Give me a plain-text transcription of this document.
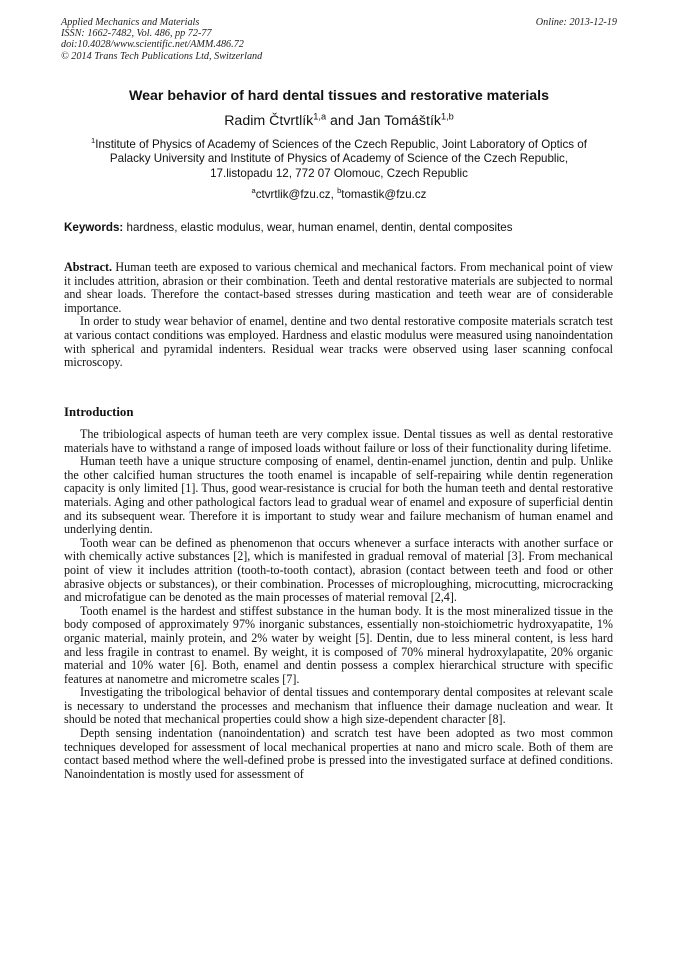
Applied Mechanics and Materials
ISSN: 1662-7482, Vol. 486, pp 72-77
doi:10.4028/www.scientific.net/AMM.486.72
© 2014 Trans Tech Publications Ltd, Switzerland
Online: 2013-12-19
Wear behavior of hard dental tissues and restorative materials
Radim Čtvrtlík$^{1,a}$ and Jan Tomáštík$^{1,b}$
$^1$Institute of Physics of Academy of Sciences of the Czech Republic, Joint Laboratory of Optics of
Palacky University and Institute of Physics of Academy of Science of the Czech Republic,
17.listopadu 12, 772 07 Olomouc, Czech Republic
$^a$ctvrtlik@fzu.cz, $^b$tomastik@fzu.cz
Keywords: hardness, elastic modulus, wear, human enamel, dentin, dental composites

Abstract. Human teeth are exposed to various chemical and mechanical factors. From mechanical point of view it includes attrition, abrasion or their combination. Teeth and dental restorative materials are subjected to normal and shear loads. Therefore the contact-based stresses during mastication and teeth wear are of considerable importance.

In order to study wear behavior of enamel, dentine and two dental restorative composite materials scratch test at various contact conditions was employed. Hardness and elastic modulus were measured using nanoindentation with spherical and pyramidal indenters. Residual wear tracks were observed using laser scanning confocal microscopy.

Introduction

The tribiological aspects of human teeth are very complex issue. Dental tissues as well as dental restorative materials have to withstand a range of imposed loads without failure or loss of their functionality during lifetime.

Human teeth have a unique structure composing of enamel, dentin-enamel junction, dentin and pulp. Unlike the other calcified human structures the tooth enamel is incapable of self-repairing while dentin regeneration capacity is only limited [1]. Thus, good wear-resistance is crucial for both the human teeth and dental restorative materials. Aging and other pathological factors lead to gradual wear of enamel and exposure of superficial dentin and its subsequent wear. Therefore it is important to study wear and failure mechanism of human enamel and underlying dentin.

Tooth wear can be defined as phenomenon that occurs whenever a surface interacts with another surface or with chemically active substances [2], which is manifested in gradual removal of material [3]. From mechanical point of view it includes attrition (tooth-to-tooth contact), abrasion (contact between teeth and food or other abrasive objects or substances), or their combination. Processes of microploughing, microcutting, microcracking and microfatigue can be denoted as the main processes of material removal [2,4].

Tooth enamel is the hardest and stiffest substance in the human body. It is the most mineralized tissue in the body composed of approximately 97% inorganic substances, essentially non-stoichiometric hydroxyapatite, 1% organic material, mainly protein, and 2% water by weight [5]. Dentin, due to less mineral content, is less hard and less fragile in contrast to enamel. By weight, it is composed of 70% mineral hydroxylapatite, 20% organic material and 10% water [6]. Both, enamel and dentin possess a complex hierarchical structure with specific features at nanometre and micrometre scales [7].

Investigating the tribological behavior of dental tissues and contemporary dental composites at relevant scale is necessary to understand the processes and mechanism that influence their damage nucleation and wear. It should be noted that mechanical properties could show a high size-dependent character [8].

Depth sensing indentation (nanoindentation) and scratch test have been adopted as two most common techniques developed for assessment of local mechanical properties at nano and micro scale. Both of them are contact based method where the well-defined probe is pressed into the investigated surface at defined conditions. Nanoindentation is mostly used for assessment of
